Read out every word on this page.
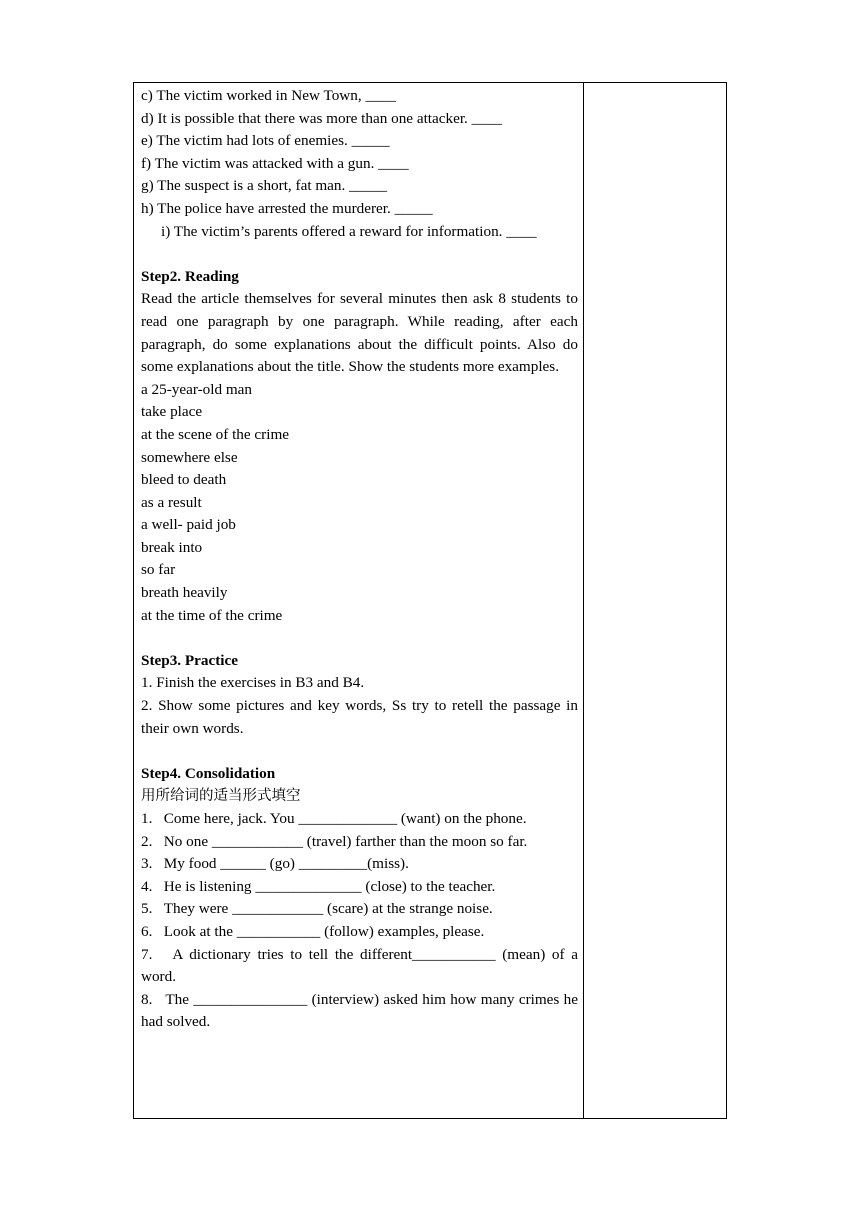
c) The victim worked in New Town, ____
d) It is possible that there was more than one attacker. ____
e) The victim had lots of enemies. _____
f) The victim was attacked with a gun. ____
g) The suspect is a short, fat man. _____
h) The police have arrested the murderer. _____
i) The victim’s parents offered a reward for information. ____
Step2. Reading
Read the article themselves for several minutes then ask 8 students to read one paragraph by one paragraph. While reading, after each paragraph, do some explanations about the difficult points. Also do some explanations about the title. Show the students more examples.
a 25-year-old man
take place
at the scene of the crime
somewhere else
bleed to death
as a result
a well- paid job
break into
so far
breath heavily
at the time of the crime
Step3. Practice
1. Finish the exercises in B3 and B4.
2. Show some pictures and key words, Ss try to retell the passage in their own words.
Step4. Consolidation
用所给词的适当形式填空
1.   Come here, jack. You _____________ (want) on the phone.
2.   No one ____________ (travel) farther than the moon so far.
3.   My food ______ (go) _________(miss).
4.   He is listening ______________ (close) to the teacher.
5.   They were ____________ (scare) at the strange noise.
6.   Look at the ___________ (follow) examples, please.
7.   A dictionary tries to tell the different___________ (mean) of a word.
8.   The _______________ (interview) asked him how many crimes he had solved.
